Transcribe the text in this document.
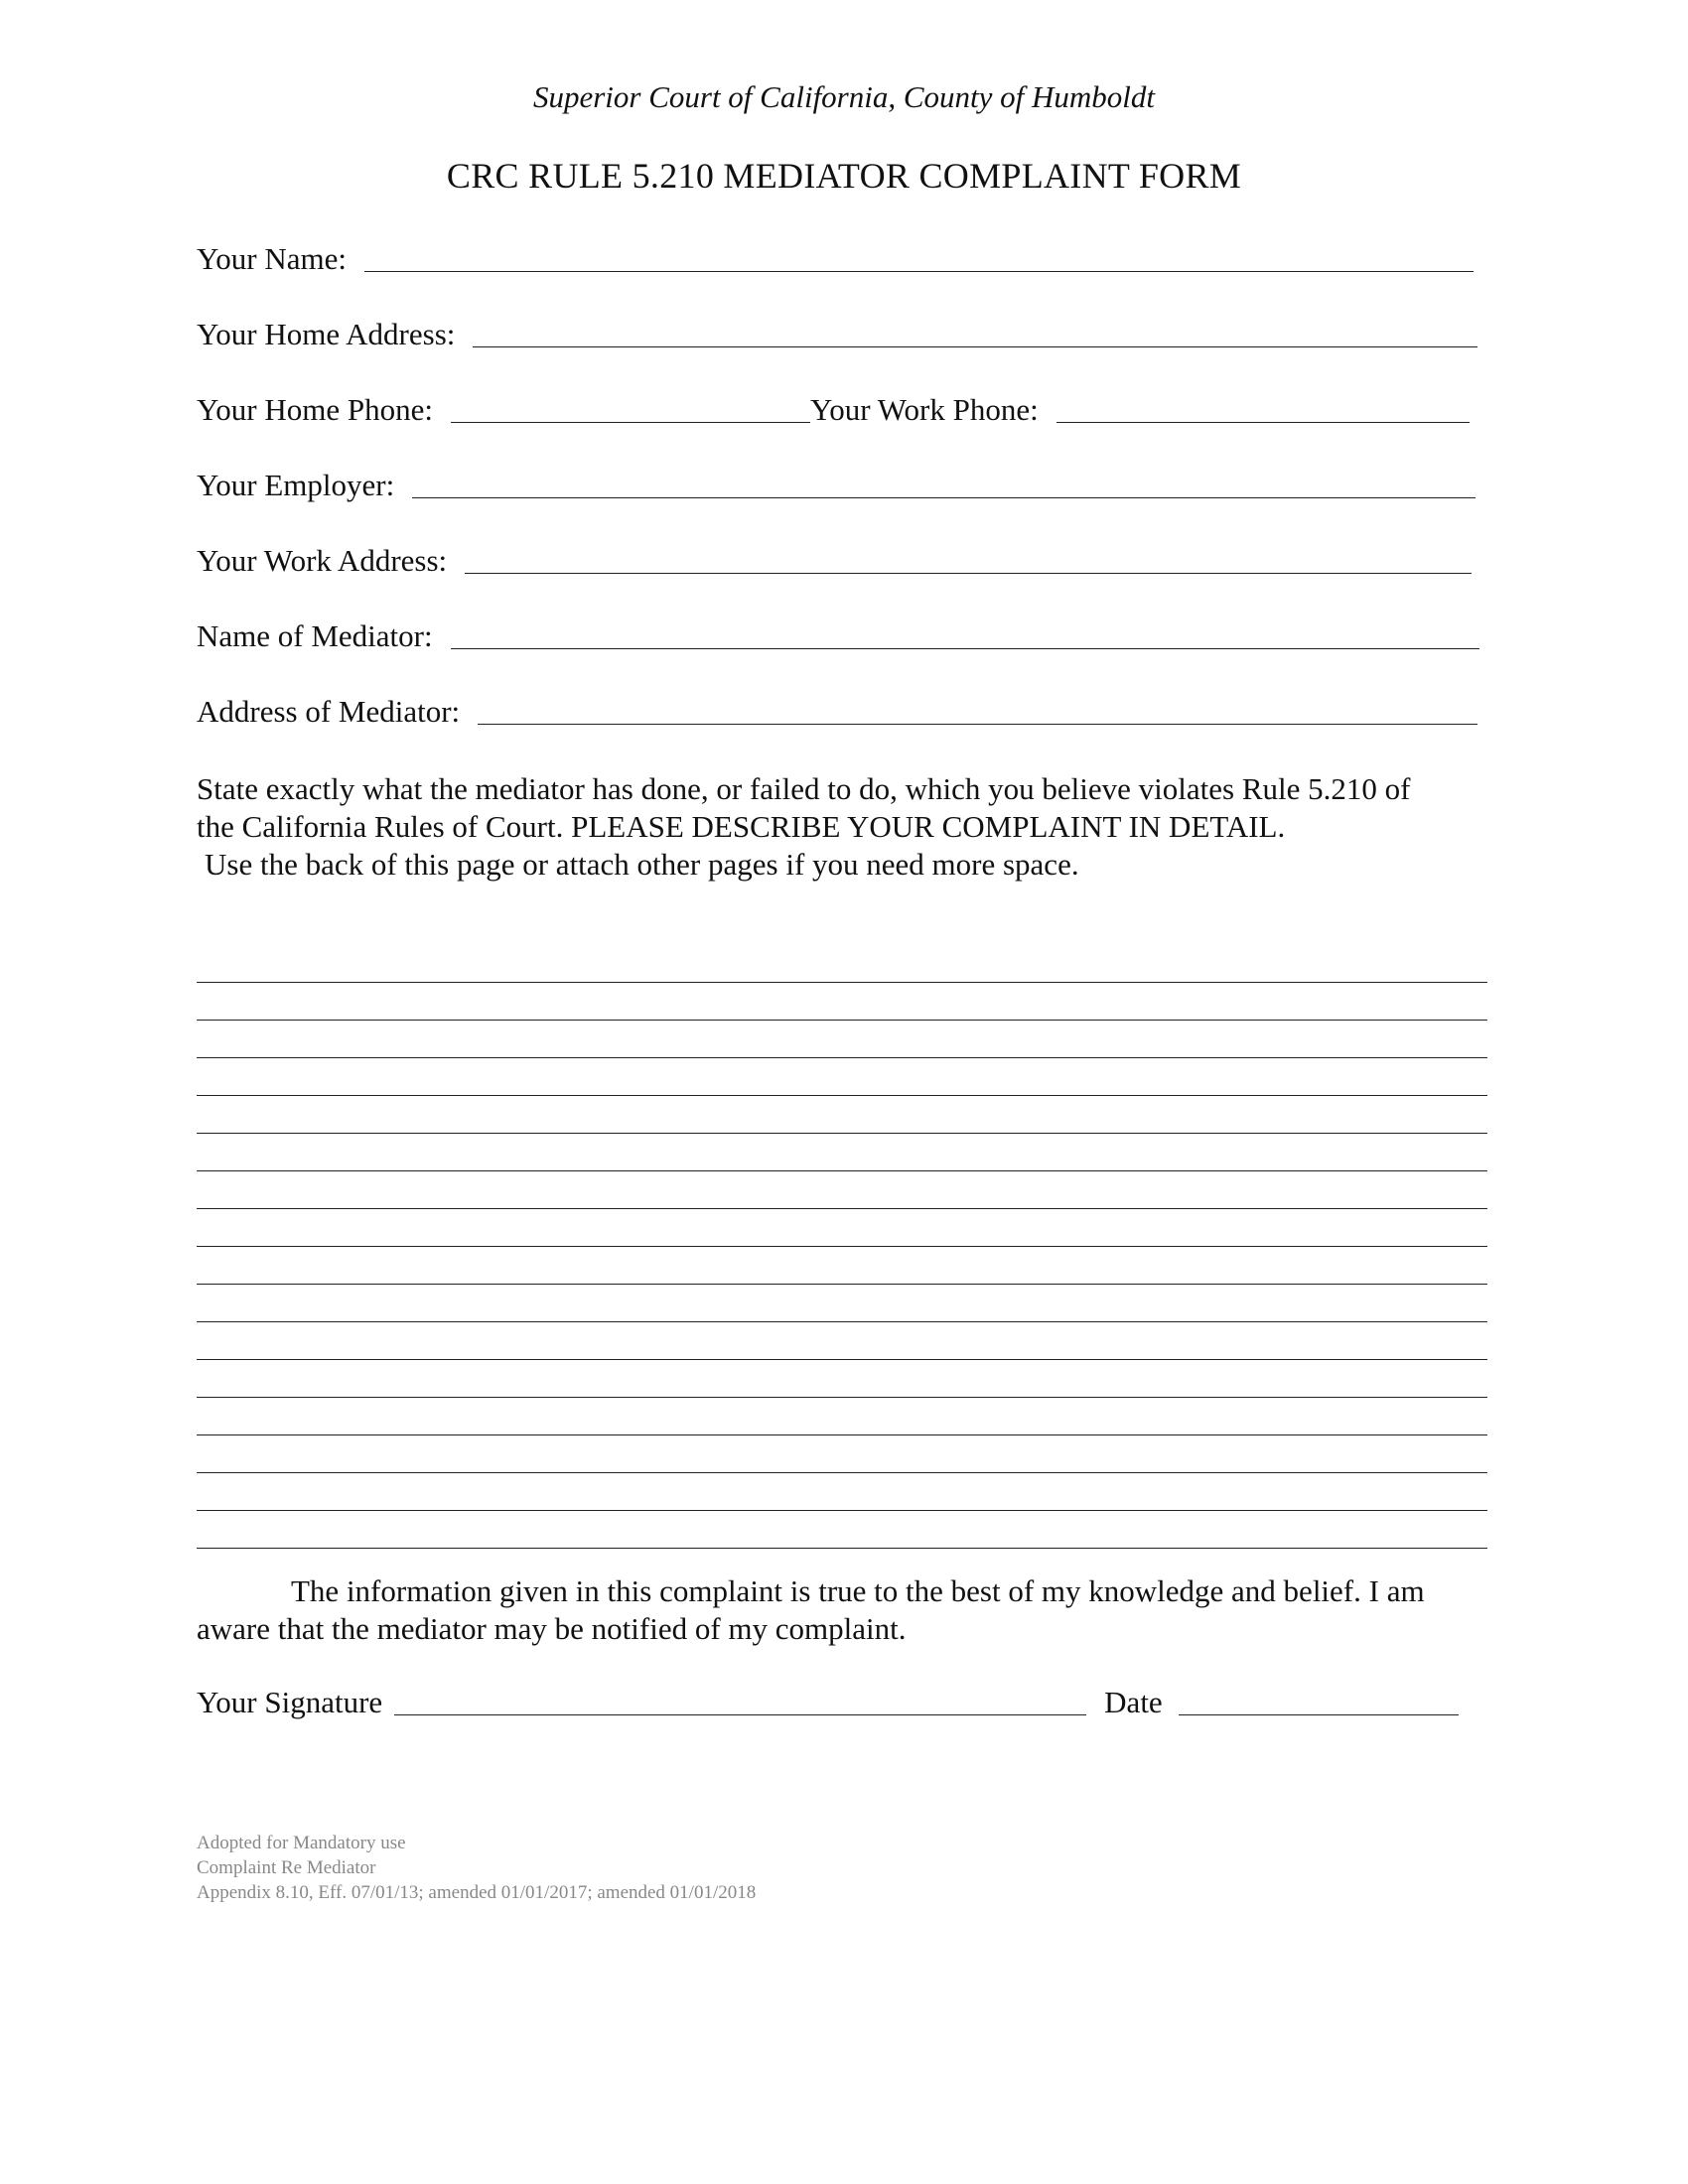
Superior Court of California, County of Humboldt
CRC RULE 5.210 MEDIATOR COMPLAINT FORM
Your Name:
Your Home Address:
Your Home Phone:	Your Work Phone:
Your Employer:
Your Work Address:
Name of Mediator:
Address of Mediator:

State exactly what the mediator has done, or failed to do, which you believe violates Rule 5.210 of

the California Rules of Court. PLEASE DESCRIBE YOUR COMPLAINT IN DETAIL.

Use the back of this page or attach other pages if you need more space.

The information given in this complaint is true to the best of my knowledge and belief. I am

aware that the mediator may be notified of my complaint.

Your Signature	Date

Adopted for Mandatory use

Complaint Re Mediator

Appendix 8.10, Eff. 07/01/13; amended 01/01/2017; amended 01/01/2018
